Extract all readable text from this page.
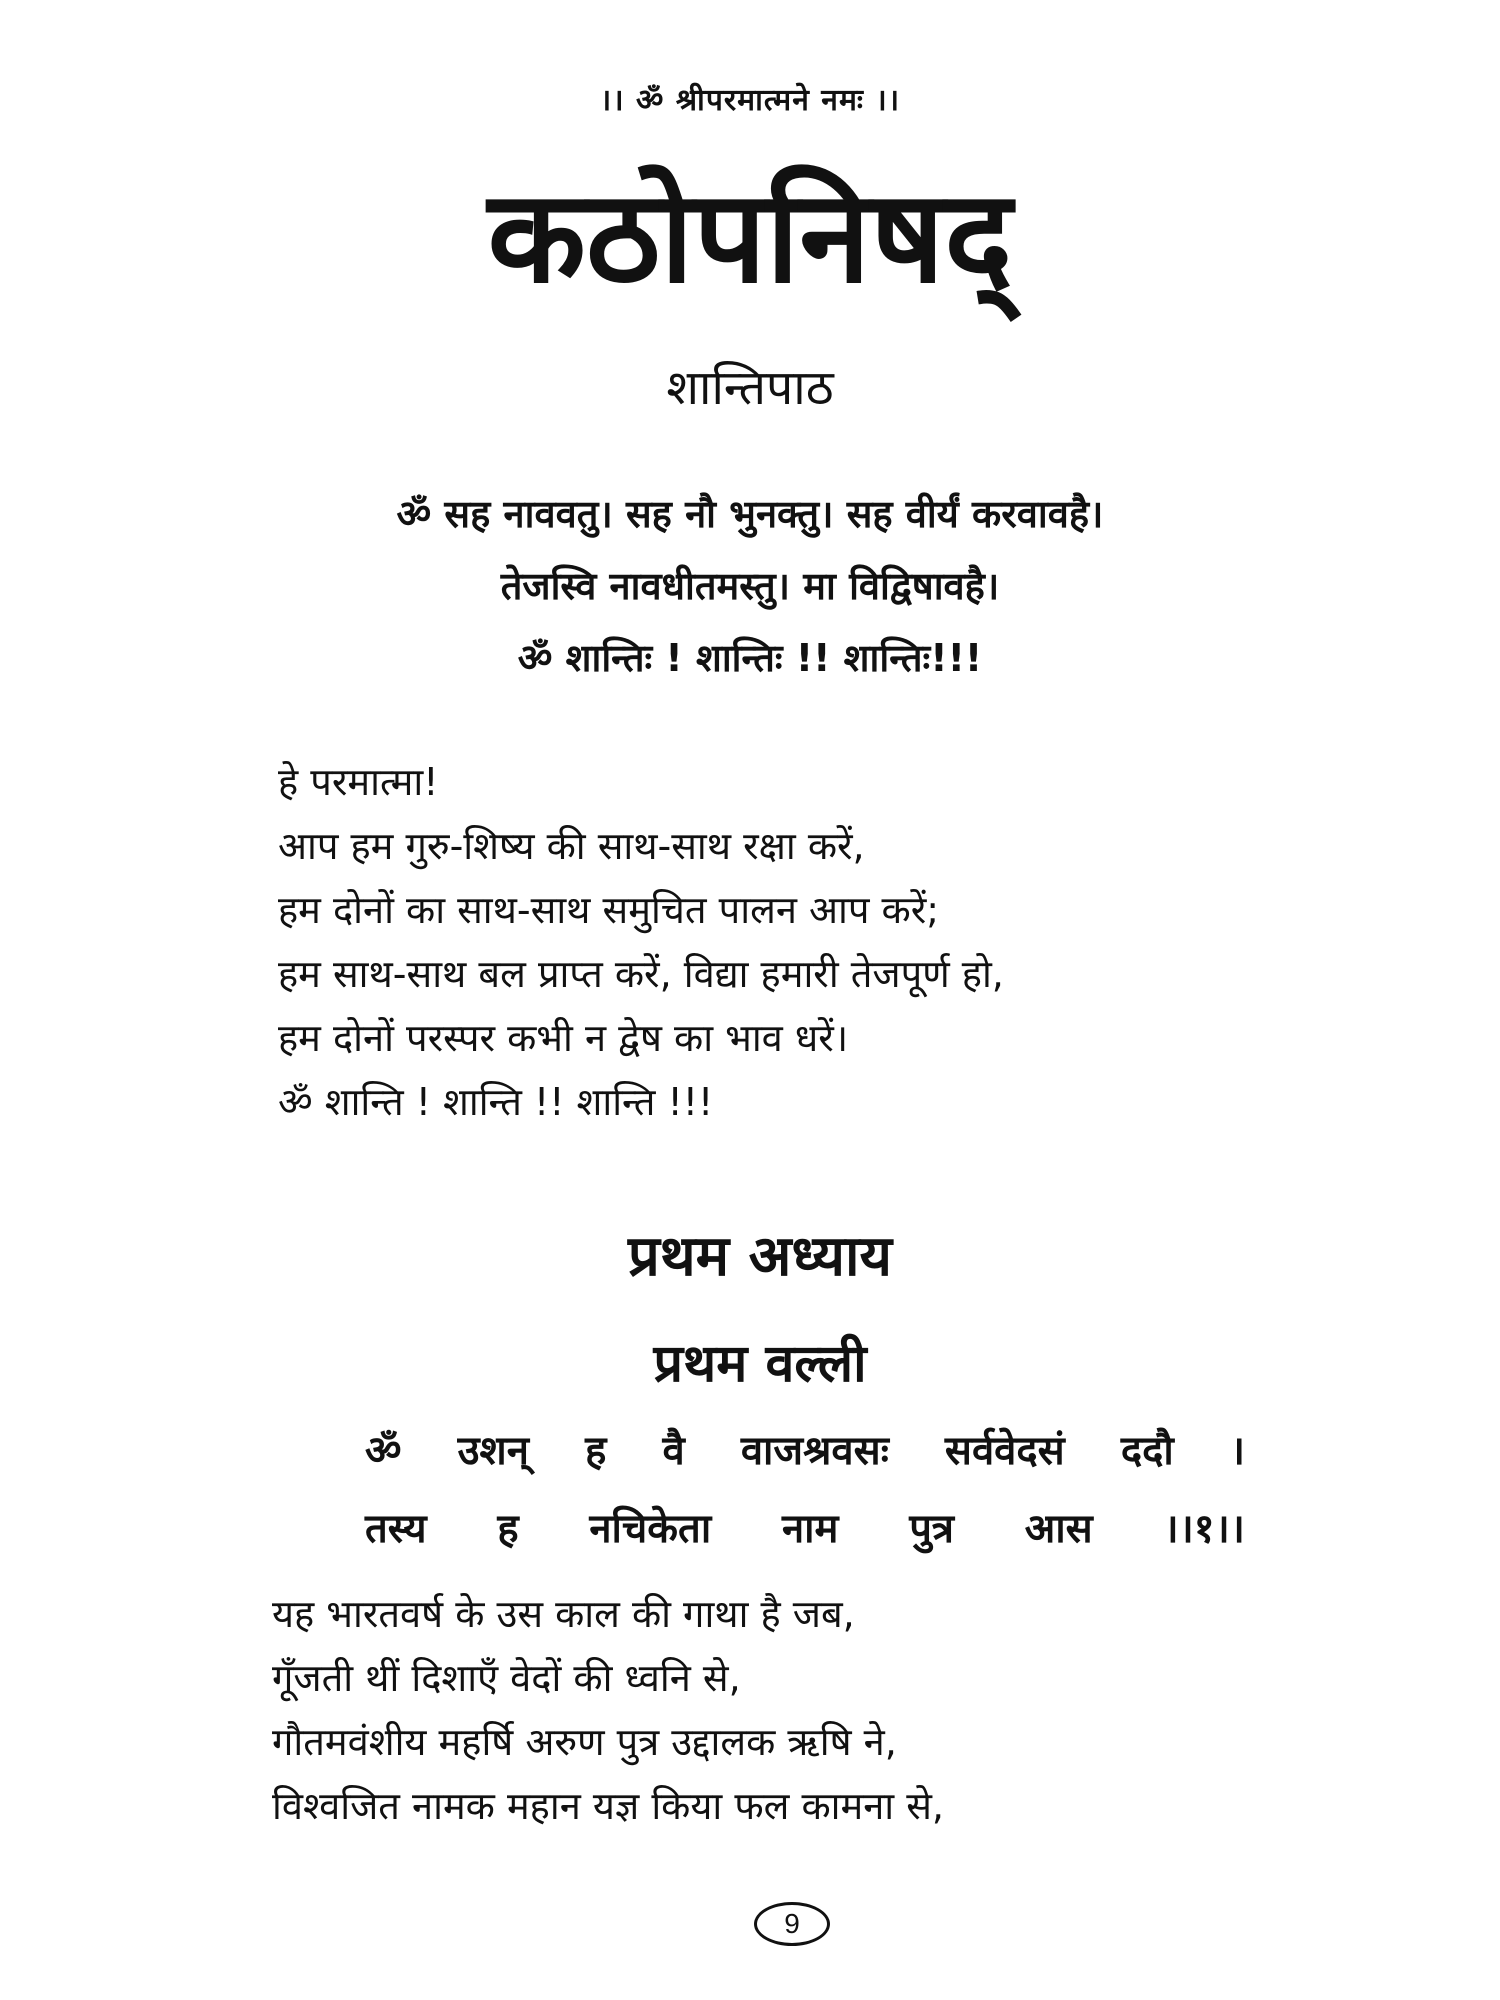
।। ॐ श्रीपरमात्मने नमः ।।
कठोपनिषद्
शान्तिपाठ
ॐ सह नाववतु। सह नौ भुनक्तु। सह वीर्यं करवावहै।
तेजस्वि नावधीतमस्तु। मा विद्विषावहै।
ॐ शान्तिः ! शान्तिः !! शान्तिः!!!
हे परमात्मा!
आप हम गुरु-शिष्य की साथ-साथ रक्षा करें,
हम दोनों का साथ-साथ समुचित पालन आप करें;
हम साथ-साथ बल प्राप्त करें, विद्या हमारी तेजपूर्ण हो,
हम दोनों परस्पर कभी न द्वेष का भाव धरें।
ॐ शान्ति ! शान्ति !! शान्ति !!!
प्रथम अध्याय
प्रथम वल्ली
ॐ उशन् ह वै वाजश्रवसः सर्ववेदसं ददौ ।
तस्य ह नचिकेता नाम पुत्र आस ।।१।।
यह भारतवर्ष के उस काल की गाथा है जब,
गूँजती थीं दिशाएँ वेदों की ध्वनि से,
गौतमवंशीय महर्षि अरुण पुत्र उद्दालक ऋषि ने,
विश्वजित नामक महान यज्ञ किया फल कामना से,
9
